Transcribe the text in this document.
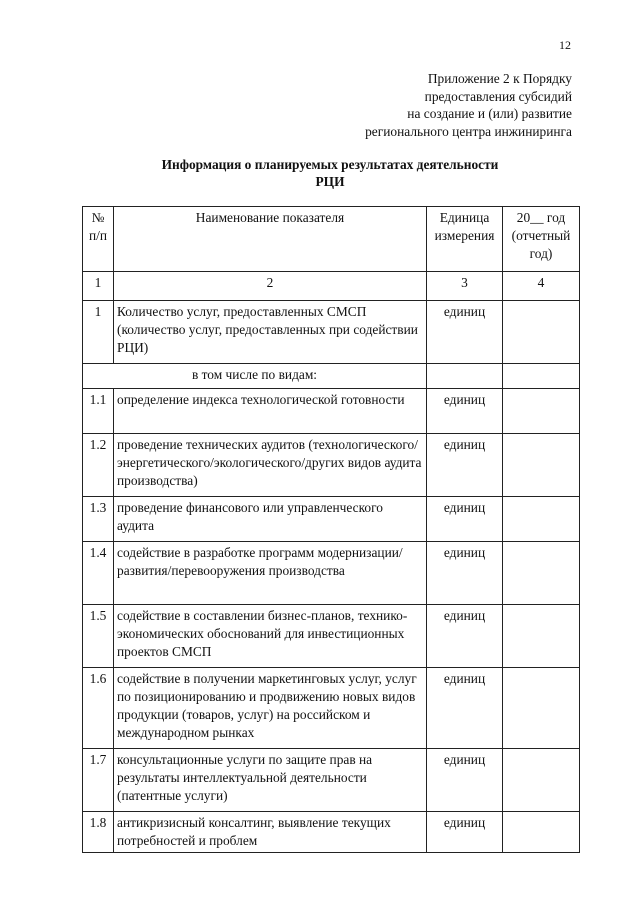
12
Приложение 2 к Порядку
предоставления субсидий
на создание и (или) развитие
регионального центра инжиниринга
Информация о планируемых результатах деятельности
РЦИ
№ п/п	Наименование показателя	Единица измерения	20__ год (отчетный год)
1	2	3	4
1	Количество услуг, предоставленных СМСП (количество услуг, предоставленных при содействии РЦИ)	единиц	
в том числе по видам:			
1.1	определение индекса технологической готовности	единиц	
1.2	проведение технических аудитов (технологического/энергетического/экологического/других видов аудита производства)	единиц	
1.3	проведение финансового или управленческого аудита	единиц	
1.4	содействие в разработке программ модернизации/развития/перевооружения производства	единиц	
1.5	содействие в составлении бизнес-планов, технико-экономических обоснований для инвестиционных проектов СМСП	единиц	
1.6	содействие в получении маркетинговых услуг, услуг по позиционированию и продвижению новых видов продукции (товаров, услуг) на российском и международном рынках	единиц	
1.7	консультационные услуги по защите прав на результаты интеллектуальной деятельности (патентные услуги)	единиц	
1.8	антикризисный консалтинг, выявление текущих потребностей и проблем	единиц	
